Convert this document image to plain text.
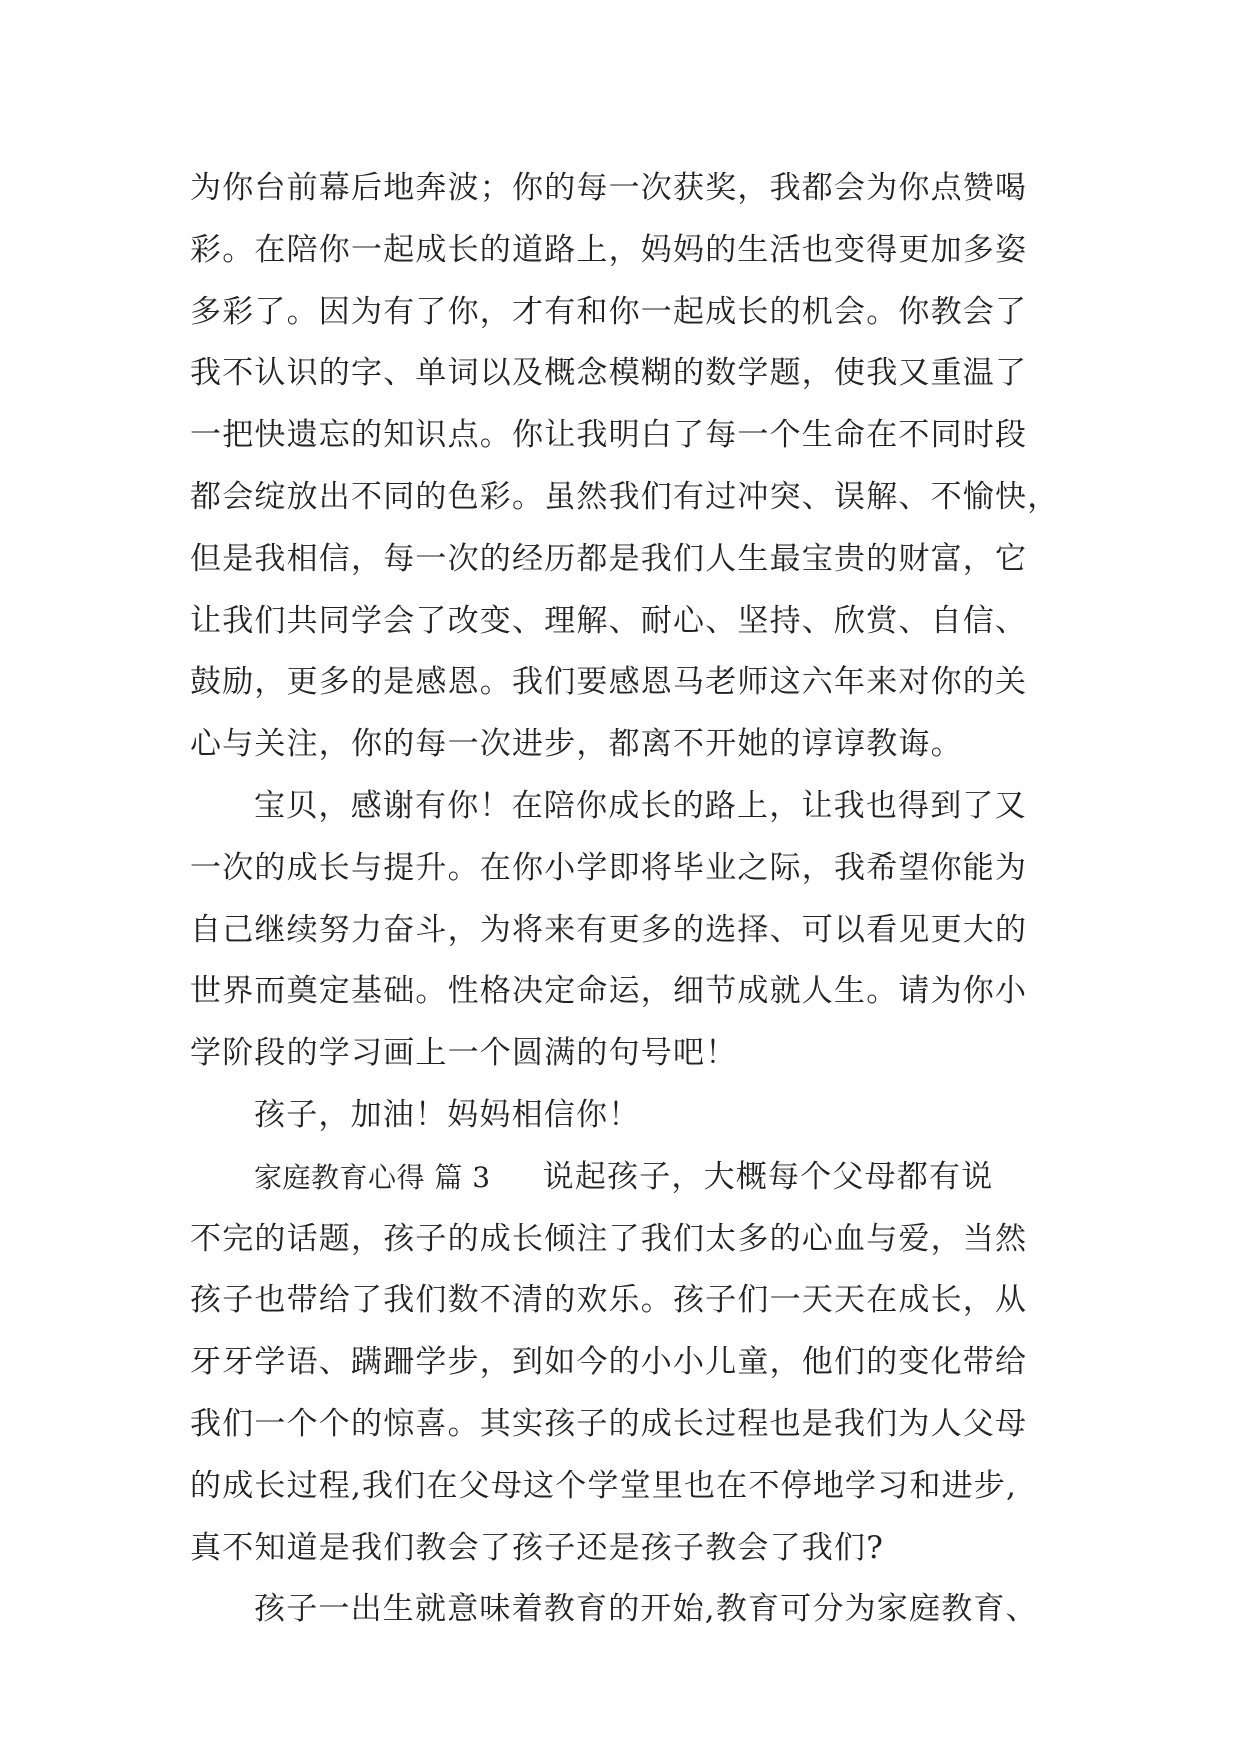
为你台前幕后地奔波；你的每一次获奖，我都会为你点赞喝
彩。在陪你一起成长的道路上，妈妈的生活也变得更加多姿
多彩了。因为有了你，才有和你一起成长的机会。你教会了
我不认识的字、单词以及概念模糊的数学题，使我又重温了
一把快遗忘的知识点。你让我明白了每一个生命在不同时段
都会绽放出不同的色彩。虽然我们有过冲突、误解、不愉快，
但是我相信，每一次的经历都是我们人生最宝贵的财富，它
让我们共同学会了改变、理解、耐心、坚持、欣赏、自信、
鼓励，更多的是感恩。我们要感恩马老师这六年来对你的关
心与关注，你的每一次进步，都离不开她的谆谆教诲。
宝贝，感谢有你！在陪你成长的路上，让我也得到了又
一次的成长与提升。在你小学即将毕业之际，我希望你能为
自己继续努力奋斗，为将来有更多的选择、可以看见更大的
世界而奠定基础。性格决定命运，细节成就人生。请为你小
学阶段的学习画上一个圆满的句号吧！
孩子，加油！妈妈相信你！
家庭教育心得 篇 3 说起孩子，大概每个父母都有说
不完的话题，孩子的成长倾注了我们太多的心血与爱，当然
孩子也带给了我们数不清的欢乐。孩子们一天天在成长，从
牙牙学语、蹒跚学步，到如今的小小儿童，他们的变化带给
我们一个个的惊喜。其实孩子的成长过程也是我们为人父母
的成长过程,我们在父母这个学堂里也在不停地学习和进步,
真不知道是我们教会了孩子还是孩子教会了我们?
孩子一出生就意味着教育的开始,教育可分为家庭教育、
